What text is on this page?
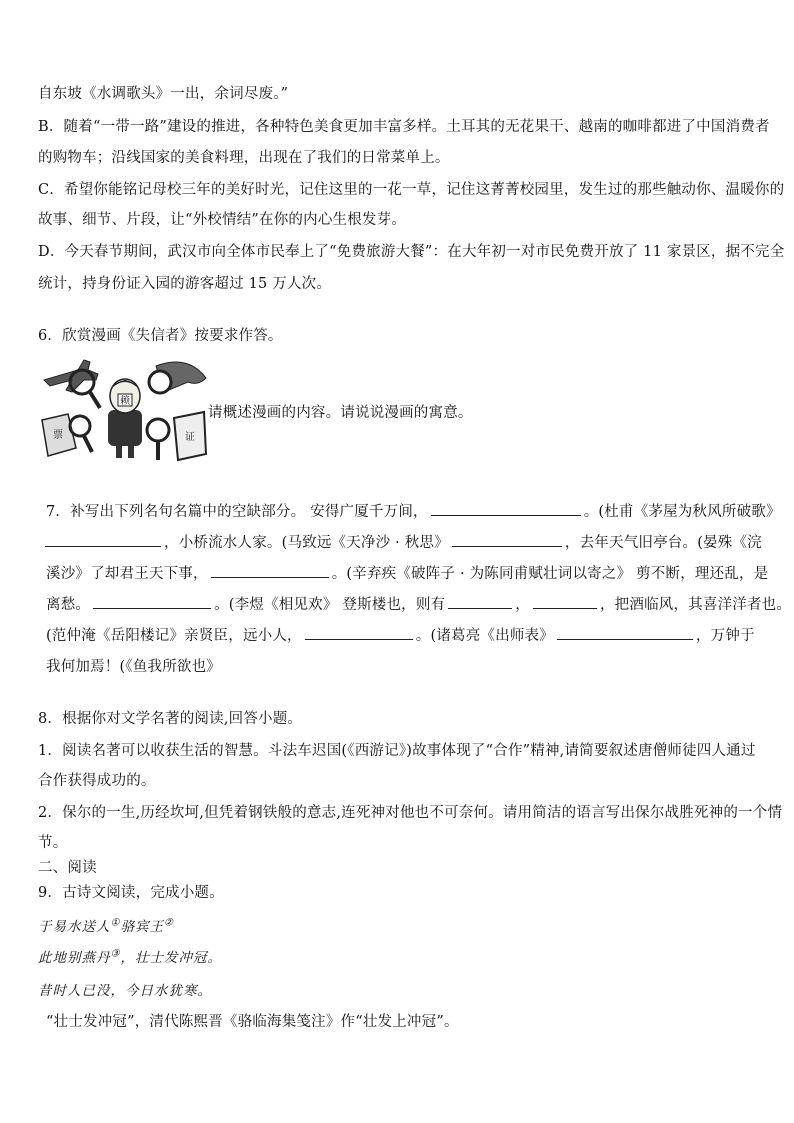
自东坡《水调歌头》一出，余词尽废。”
B．随着“一带一路”建设的推进，各种特色美食更加丰富多样。土耳其的无花果干、越南的咖啡都进了中国消费者
的购物车；沿线国家的美食料理，出现在了我们的日常菜单上。
C．希望你能铭记母校三年的美好时光，记住这里的一花一草，记住这菁菁校园里，发生过的那些触动你、温暖你的
故事、细节、片段，让“外校情结”在你的内心生根发芽。
D．今天春节期间，武汉市向全体市民奉上了“免费旅游大餐”：在大年初一对市民免费开放了 11 家景区，据不完全
统计，持身份证入园的游客超过 15 万人次。
6．欣赏漫画《失信者》按要求作答。
赖
票	证
请概述漫画的内容。请说说漫画的寓意。
7．补写出下列名句名篇中的空缺部分。 安得广厦千万间，	。(杜甫《茅屋为秋风所破歌》
，小桥流水人家。(马致远《天净沙 · 秋思》	，去年天气旧亭台。(晏殊《浣
溪沙》了却君王天下事，	。(辛弃疾《破阵子 · 为陈同甫赋壮词以寄之》 剪不断，理还乱，是
离愁。	。(李煜《相见欢》 登斯楼也，则有	，	，把酒临风，其喜洋洋者也。
(范仲淹《岳阳楼记》亲贤臣，远小人，	。(诸葛亮《出师表》	，万钟于
我何加焉！(《鱼我所欲也》
8．根据你对文学名著的阅读,回答小题。
1．阅读名著可以收获生活的智慧。斗法车迟国(《西游记》)故事体现了“合作”精神,请简要叙述唐僧师徒四人通过
合作获得成功的。
2．保尔的一生,历经坎坷,但凭着钢铁般的意志,连死神对他也不可奈何。请用简洁的语言写出保尔战胜死神的一个情
节。
二、阅读
9．古诗文阅读，完成小题。
于易水送人①骆宾王②
此地别燕丹③，壮士发冲冠。
昔时人已没，今日水犹寒。
“壮士发冲冠”，清代陈熙晋《骆临海集笺注》作“壮发上冲冠”。
